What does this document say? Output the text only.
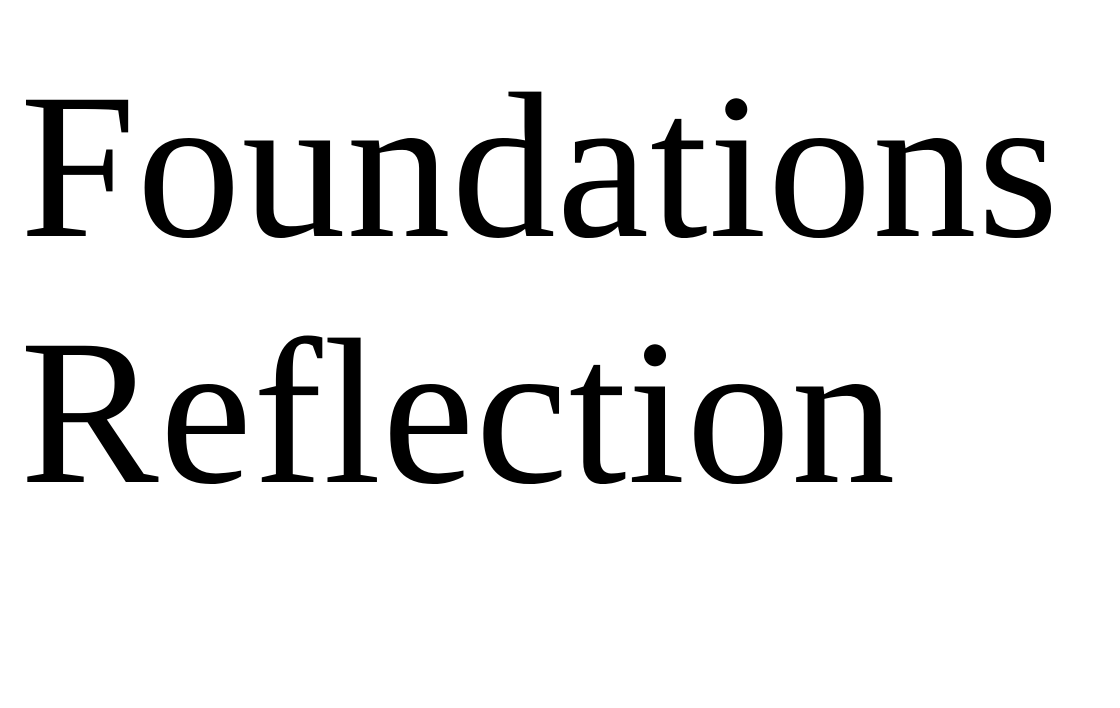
Foundations
Reflection
